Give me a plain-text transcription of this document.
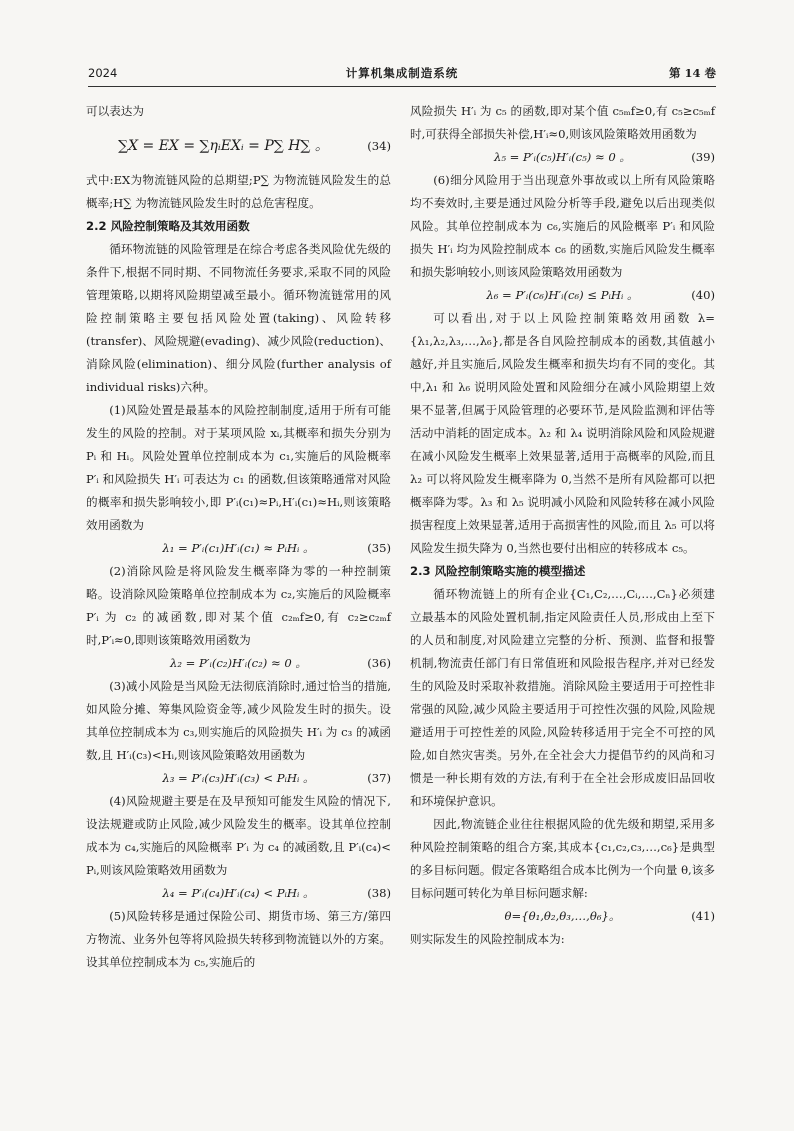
2024	计算机集成制造系统	第 14 卷

可以表达为

∑X = EX = ∑ηᵢEXᵢ = P∑ H∑ 。	(34)

式中:EX为物流链风险的总期望;P∑ 为物流链风险发生的总概率;H∑ 为物流链风险发生时的总危害程度。

2.2 风险控制策略及其效用函数

循环物流链的风险管理是在综合考虑各类风险优先级的条件下,根据不同时期、不同物流任务要求,采取不同的风险管理策略,以期将风险期望减至最小。循环物流链常用的风险控制策略主要包括风险处置(taking)、风险转移(transfer)、风险规避(evading)、减少风险(reduction)、消除风险(elimination)、细分风险(further analysis of individual risks)六种。

(1)风险处置是最基本的风险控制制度,适用于所有可能发生的风险的控制。对于某项风险 xᵢ,其概率和损失分别为 Pᵢ 和 Hᵢ。风险处置单位控制成本为 c₁,实施后的风险概率 P′ᵢ 和风险损失 H′ᵢ 可表达为 c₁ 的函数,但该策略通常对风险的概率和损失影响较小,即 P′ᵢ(c₁)≈Pᵢ,H′ᵢ(c₁)≈Hᵢ,则该策略效用函数为

λ₁ = P′ᵢ(c₁)H′ᵢ(c₁) ≈ PᵢHᵢ 。	(35)

(2)消除风险是将风险发生概率降为零的一种控制策略。设消除风险策略单位控制成本为 c₂,实施后的风险概率 P′ᵢ 为 c₂ 的减函数,即对某个值 c₂ₘf≥0,有 c₂≥c₂ₘf 时,P′ᵢ≈0,即则该策略效用函数为

λ₂ = P′ᵢ(c₂)H′ᵢ(c₂) ≈ 0 。	(36)

(3)减小风险是当风险无法彻底消除时,通过恰当的措施,如风险分摊、筹集风险资金等,减少风险发生时的损失。设其单位控制成本为 c₃,则实施后的风险损失 H′ᵢ 为 c₃ 的减函数,且 H′ᵢ(c₃)<Hᵢ,则该风险策略效用函数为

λ₃ = P′ᵢ(c₃)H′ᵢ(c₃) < PᵢHᵢ 。	(37)

(4)风险规避主要是在及早预知可能发生风险的情况下,设法规避或防止风险,减少风险发生的概率。设其单位控制成本为 c₄,实施后的风险概率 P′ᵢ 为 c₄ 的减函数,且 P′ᵢ(c₄)< Pᵢ,则该风险策略效用函数为

λ₄ = P′ᵢ(c₄)H′ᵢ(c₄) < PᵢHᵢ 。	(38)

(5)风险转移是通过保险公司、期货市场、第三方/第四方物流、业务外包等将风险损失转移到物流链以外的方案。设其单位控制成本为 c₅,实施后的

风险损失 H′ᵢ 为 c₅ 的函数,即对某个值 c₅ₘf≥0,有 c₅≥c₅ₘf 时,可获得全部损失补偿,H′ᵢ≈0,则该风险策略效用函数为

λ₅ = P′ᵢ(c₅)H′ᵢ(c₅) ≈ 0 。	(39)

(6)细分风险用于当出现意外事故或以上所有风险策略均不奏效时,主要是通过风险分析等手段,避免以后出现类似风险。其单位控制成本为 c₆,实施后的风险概率 P′ᵢ 和风险损失 H′ᵢ 均为风险控制成本 c₆ 的函数,实施后风险发生概率和损失影响较小,则该风险策略效用函数为

λ₆ = P′ᵢ(c₆)H′ᵢ(c₆) ≤ PᵢHᵢ 。	(40)

可以看出,对于以上风险控制策略效用函数 λ={λ₁,λ₂,λ₃,…,λ₆},都是各自风险控制成本的函数,其值越小越好,并且实施后,风险发生概率和损失均有不同的变化。其中,λ₁ 和 λ₆ 说明风险处置和风险细分在减小风险期望上效果不显著,但属于风险管理的必要环节,是风险监测和评估等活动中消耗的固定成本。λ₂ 和 λ₄ 说明消除风险和风险规避在减小风险发生概率上效果显著,适用于高概率的风险,而且 λ₂ 可以将风险发生概率降为 0,当然不是所有风险都可以把概率降为零。λ₃ 和 λ₅ 说明减小风险和风险转移在减小风险损害程度上效果显著,适用于高损害性的风险,而且 λ₅ 可以将风险发生损失降为 0,当然也要付出相应的转移成本 c₅。

2.3 风险控制策略实施的模型描述

循环物流链上的所有企业{C₁,C₂,…,Cᵢ,…,Cₙ}必须建立最基本的风险处置机制,指定风险责任人员,形成由上至下的人员和制度,对风险建立完整的分析、预测、监督和报警机制,物流责任部门有日常值班和风险报告程序,并对已经发生的风险及时采取补救措施。消除风险主要适用于可控性非常强的风险,减少风险主要适用于可控性次强的风险,风险规避适用于可控性差的风险,风险转移适用于完全不可控的风险,如自然灾害类。另外,在全社会大力提倡节约的风尚和习惯是一种长期有效的方法,有利于在全社会形成废旧品回收和环境保护意识。

因此,物流链企业往往根据风险的优先级和期望,采用多种风险控制策略的组合方案,其成本{c₁,c₂,c₃,…,c₆}是典型的多目标问题。假定各策略组合成本比例为一个向量 θ,该多目标问题可转化为单目标问题求解:

θ={θ₁,θ₂,θ₃,…,θ₆}。	(41)

则实际发生的风险控制成本为:
